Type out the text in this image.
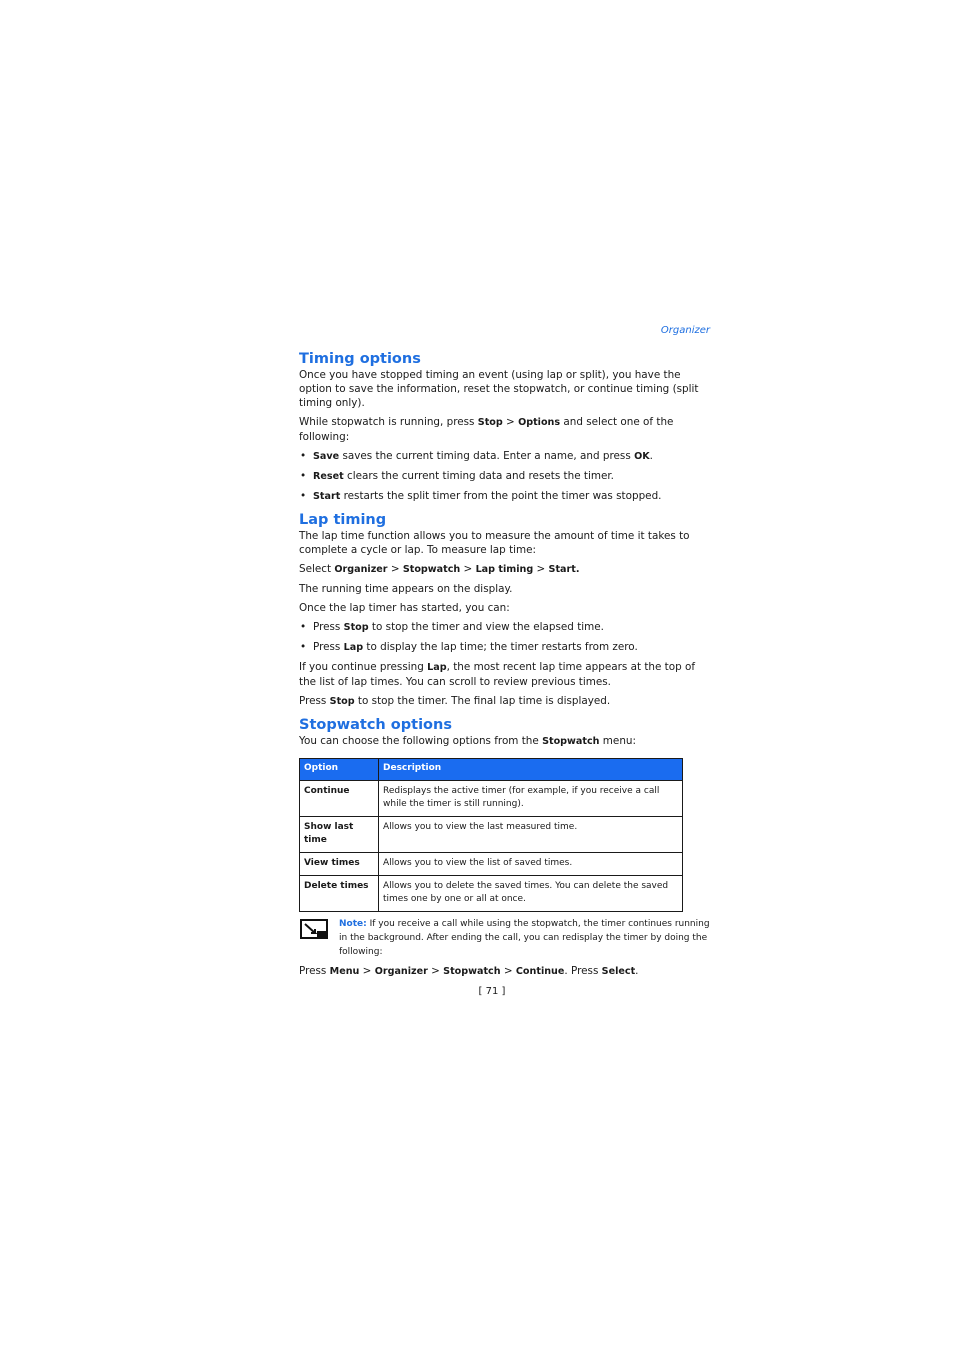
Organizer
Timing options

Once you have stopped timing an event (using lap or split), you have the option to save the information, reset the stopwatch, or continue timing (split timing only).

While stopwatch is running, press Stop > Options and select one of the following:

• Save saves the current timing data. Enter a name, and press OK.
• Reset clears the current timing data and resets the timer.
• Start restarts the split timer from the point the timer was stopped.
Lap timing

The lap time function allows you to measure the amount of time it takes to complete a cycle or lap. To measure lap time:

Select Organizer > Stopwatch > Lap timing > Start.

The running time appears on the display.

Once the lap timer has started, you can:

• Press Stop to stop the timer and view the elapsed time.
• Press Lap to display the lap time; the timer restarts from zero.

If you continue pressing Lap, the most recent lap time appears at the top of the list of lap times. You can scroll to review previous times.

Press Stop to stop the timer. The final lap time is displayed.

Stopwatch options

You can choose the following options from the Stopwatch menu:

Option	Description
Continue	Redisplays the active timer (for example, if you receive a call while the timer is still running).
Show last time	Allows you to view the last measured time.
View times	Allows you to view the list of saved times.
Delete times	Allows you to delete the saved times. You can delete the saved times one by one or all at once.
Note: If you receive a call while using the stopwatch, the timer continues running in the background. After ending the call, you can redisplay the timer by doing the following:

Press Menu > Organizer > Stopwatch > Continue. Press Select.

[ 71 ]
